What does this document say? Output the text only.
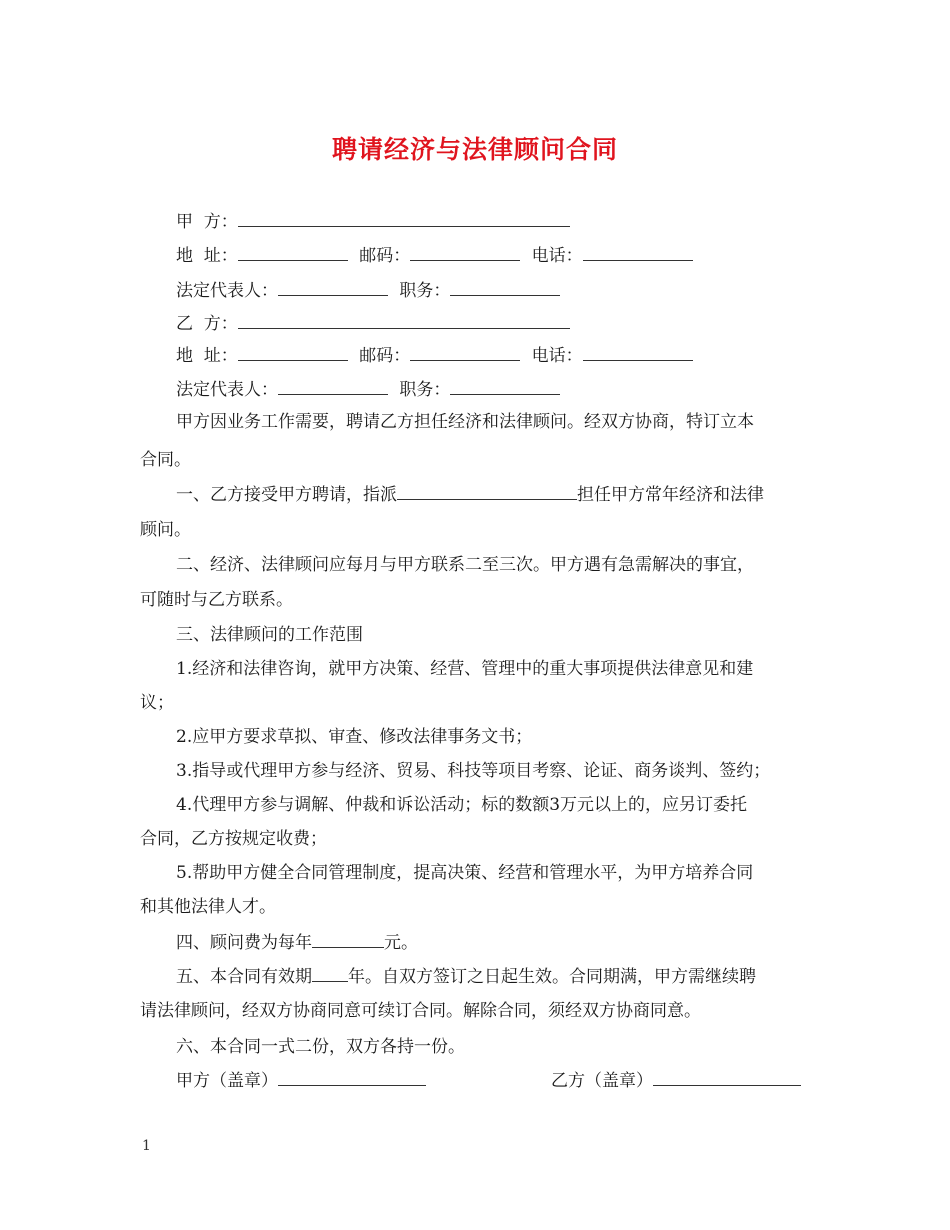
聘请经济与法律顾问合同
甲  方：
地  址：	邮码：	电话：
法定代表人：	职务：
乙  方：
地  址：	邮码：	电话：
法定代表人：	职务：
甲方因业务工作需要，聘请乙方担任经济和法律顾问。经双方协商，特订立本
合同。
一、乙方接受甲方聘请，指派	担任甲方常年经济和法律
顾问。
二、经济、法律顾问应每月与甲方联系二至三次。甲方遇有急需解决的事宜，
可随时与乙方联系。
三、法律顾问的工作范围
1.经济和法律咨询，就甲方决策、经营、管理中的重大事项提供法律意见和建
议；
2.应甲方要求草拟、审查、修改法律事务文书；
3.指导或代理甲方参与经济、贸易、科技等项目考察、论证、商务谈判、签约；
4.代理甲方参与调解、仲裁和诉讼活动；标的数额3万元以上的，应另订委托
合同，乙方按规定收费；
5.帮助甲方健全合同管理制度，提高决策、经营和管理水平，为甲方培养合同
和其他法律人才。
四、顾问费为每年	元。
五、本合同有效期 年。自双方签订之日起生效。合同期满，甲方需继续聘
请法律顾问，经双方协商同意可续订合同。解除合同，须经双方协商同意。
六、本合同一式二份，双方各持一份。
甲方（盖章）	乙方（盖章）
1
